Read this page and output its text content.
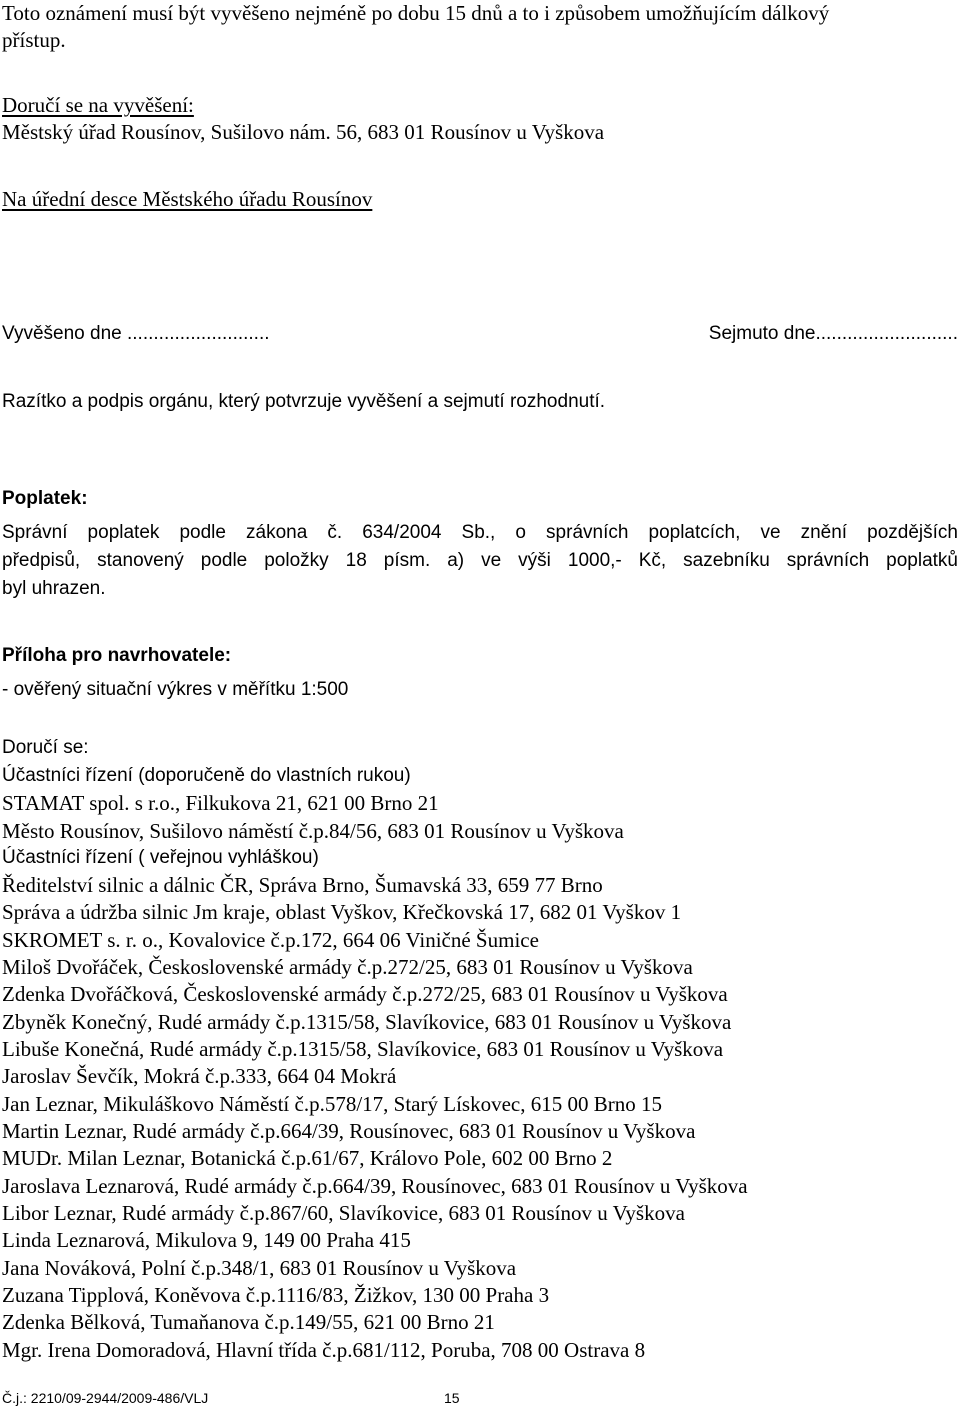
Toto oznámení musí být vyvěšeno nejméně po dobu 15 dnů a to i způsobem umožňujícím dálkový
přístup.
Doručí se na vyvěšení:
Městský úřad Rousínov, Sušilovo nám. 56, 683 01 Rousínov u Vyškova
Na úřední desce Městského úřadu Rousínov
Vyvěšeno dne ...........................	Sejmuto dne...........................
Razítko a podpis orgánu, který potvrzuje vyvěšení a sejmutí rozhodnutí.
Poplatek:
Správní poplatek podle zákona č. 634/2004 Sb., o správních poplatcích, ve znění pozdějších
předpisů, stanovený podle položky 18 písm. a) ve výši 1000,- Kč, sazebníku správních poplatků
byl uhrazen.
Příloha pro navrhovatele:
- ověřený situační výkres v měřítku 1:500
Doručí se:
Účastníci řízení (doporučeně do vlastních rukou)
STAMAT spol. s r.o., Filkukova 21, 621 00 Brno 21
Město Rousínov, Sušilovo náměstí č.p.84/56, 683 01 Rousínov u Vyškova
Účastníci řízení ( veřejnou vyhláškou)
Ředitelství silnic a dálnic ČR, Správa Brno, Šumavská 33, 659 77 Brno
Správa a údržba silnic Jm kraje, oblast Vyškov, Křečkovská 17, 682 01 Vyškov 1
SKROMET s. r. o., Kovalovice č.p.172, 664 06 Viničné Šumice
Miloš Dvořáček, Československé armády č.p.272/25, 683 01 Rousínov u Vyškova
Zdenka Dvořáčková, Československé armády č.p.272/25, 683 01 Rousínov u Vyškova
Zbyněk Konečný, Rudé armády č.p.1315/58, Slavíkovice, 683 01 Rousínov u Vyškova
Libuše Konečná, Rudé armády č.p.1315/58, Slavíkovice, 683 01 Rousínov u Vyškova
Jaroslav Ševčík, Mokrá č.p.333, 664 04 Mokrá
Jan Leznar, Mikuláškovo Náměstí č.p.578/17, Starý Lískovec, 615 00 Brno 15
Martin Leznar, Rudé armády č.p.664/39, Rousínovec, 683 01 Rousínov u Vyškova
MUDr. Milan Leznar, Botanická č.p.61/67, Královo Pole, 602 00 Brno 2
Jaroslava Leznarová, Rudé armády č.p.664/39, Rousínovec, 683 01 Rousínov u Vyškova
Libor Leznar, Rudé armády č.p.867/60, Slavíkovice, 683 01 Rousínov u Vyškova
Linda Leznarová, Mikulova 9, 149 00 Praha 415
Jana Nováková, Polní č.p.348/1, 683 01 Rousínov u Vyškova
Zuzana Tipplová, Koněvova č.p.1116/83, Žižkov, 130 00 Praha 3
Zdenka Bělková, Tumaňanova č.p.149/55, 621 00 Brno 21
Mgr. Irena Domoradová, Hlavní třída č.p.681/112, Poruba, 708 00 Ostrava 8
Č.j.: 2210/09-2944/2009-486/VLJ	15
